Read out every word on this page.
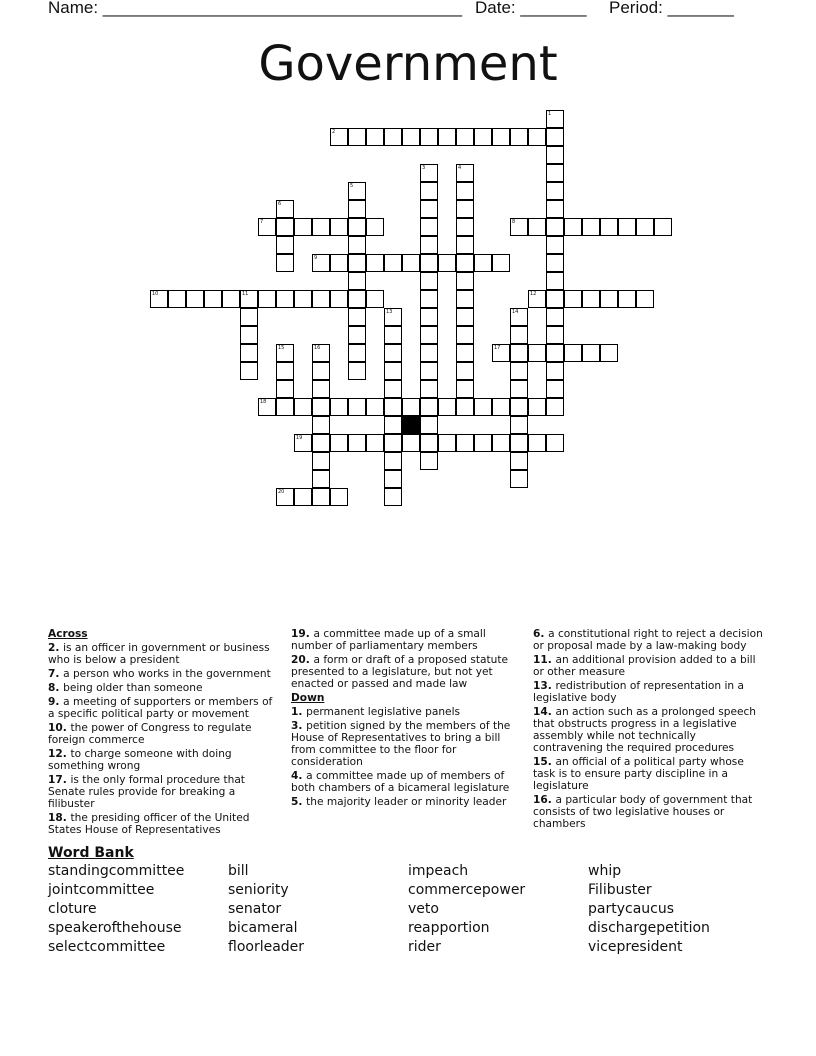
Name: ______________________________________ Date: _______ Period: _______
Government
2
7	8
9
10	11	12
17
18
19
20
1
3	4
5
6
13	14
15	16
Across
2. is an officer in government or business who is below a president
7. a person who works in the government
8. being older than someone
9. a meeting of supporters or members of a specific political party or movement
10. the power of Congress to regulate foreign commerce
12. to charge someone with doing something wrong
17. is the only formal procedure that Senate rules provide for breaking a filibuster
18. the presiding officer of the United States House of Representatives
19. a committee made up of a small number of parliamentary members
20. a form or draft of a proposed statute presented to a legislature, but not yet enacted or passed and made law
Down
1. permanent legislative panels
3. petition signed by the members of the House of Representatives to bring a bill from committee to the floor for consideration
4. a committee made up of members of both chambers of a bicameral legislature
5. the majority leader or minority leader
6. a constitutional right to reject a decision or proposal made by a law-making body
11. an additional provision added to a bill or other measure
13. redistribution of representation in a legislative body
14. an action such as a prolonged speech that obstructs progress in a legislative assembly while not technically contravening the required procedures
15. an official of a political party whose task is to ensure party discipline in a legislature
16. a particular body of government that consists of two legislative houses or chambers
Word Bank
standingcommittee
jointcommittee
cloture
speakerofthehouse
selectcommittee
bill
seniority
senator
bicameral
floorleader
impeach
commercepower
veto
reapportion
rider
whip
Filibuster
partycaucus
dischargepetition
vicepresident
